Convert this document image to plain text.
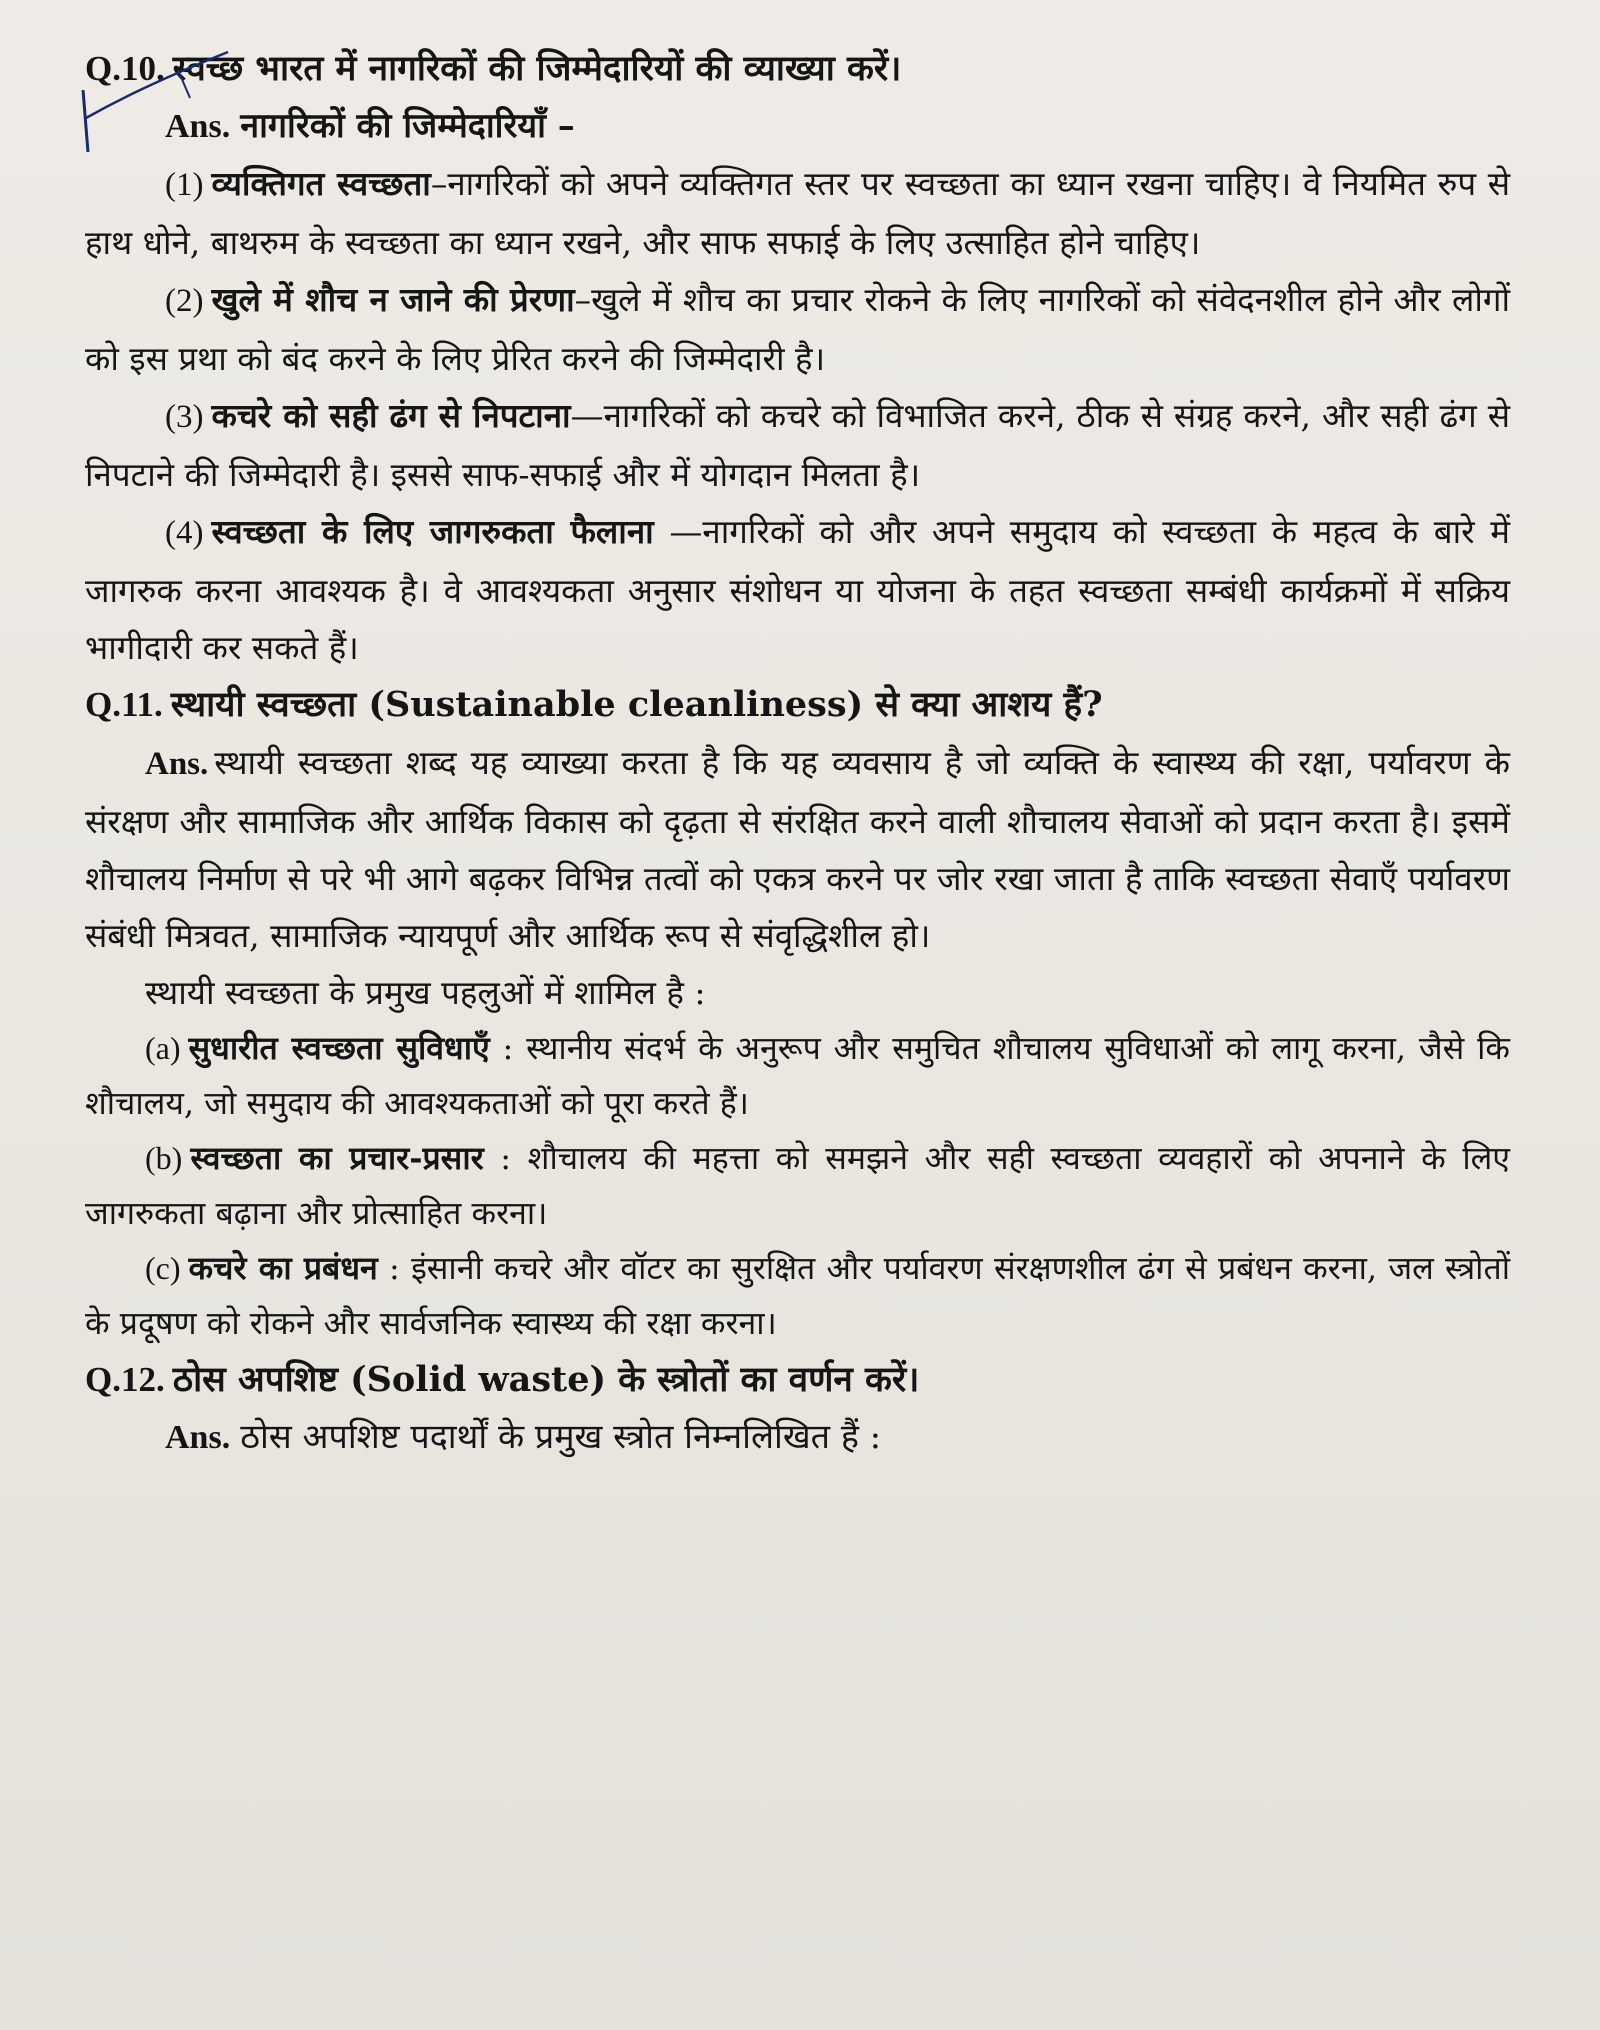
Q.10. स्वच्छ भारत में नागरिकों की जिम्मेदारियों की व्याख्या करें।

Ans. नागरिकों की जिम्मेदारियाँ –

(1) व्यक्तिगत स्वच्छता–नागरिकों को अपने व्यक्तिगत स्तर पर स्वच्छता का ध्यान रखना चाहिए। वे नियमित रुप से हाथ धोने, बाथरुम के स्वच्छता का ध्यान रखने, और साफ सफाई के लिए उत्साहित होने चाहिए।

(2) खुले में शौच न जाने की प्रेरणा–खुले में शौच का प्रचार रोकने के लिए नागरिकों को संवेदनशील होने और लोगों को इस प्रथा को बंद करने के लिए प्रेरित करने की जिम्मेदारी है।

(3) कचरे को सही ढंग से निपटाना—नागरिकों को कचरे को विभाजित करने, ठीक से संग्रह करने, और सही ढंग से निपटाने की जिम्मेदारी है। इससे साफ-सफाई और में योगदान मिलता है।

(4) स्वच्छता के लिए जागरुकता फैलाना —नागरिकों को और अपने समुदाय को स्वच्छता के महत्व के बारे में जागरुक करना आवश्यक है। वे आवश्यकता अनुसार संशोधन या योजना के तहत स्वच्छता सम्बंधी कार्यक्रमों में सक्रिय भागीदारी कर सकते हैं।

Q.11. स्थायी स्वच्छता (Sustainable cleanliness) से क्या आशय हैं?

Ans. स्थायी स्वच्छता शब्द यह व्याख्या करता है कि यह व्यवसाय है जो व्यक्ति के स्वास्थ्य की रक्षा, पर्यावरण के संरक्षण और सामाजिक और आर्थिक विकास को दृढ़ता से संरक्षित करने वाली शौचालय सेवाओं को प्रदान करता है। इसमें शौचालय निर्माण से परे भी आगे बढ़कर विभिन्न तत्वों को एकत्र करने पर जोर रखा जाता है ताकि स्वच्छता सेवाएँ पर्यावरण संबंधी मित्रवत, सामाजिक न्यायपूर्ण और आर्थिक रूप से संवृद्धिशील हो।

स्थायी स्वच्छता के प्रमुख पहलुओं में शामिल है :

(a) सुधारीत स्वच्छता सुविधाएँ : स्थानीय संदर्भ के अनुरूप और समुचित शौचालय सुविधाओं को लागू करना, जैसे कि शौचालय, जो समुदाय की आवश्यकताओं को पूरा करते हैं।

(b) स्वच्छता का प्रचार-प्रसार : शौचालय की महत्ता को समझने और सही स्वच्छता व्यवहारों को अपनाने के लिए जागरुकता बढ़ाना और प्रोत्साहित करना।

(c) कचरे का प्रबंधन : इंसानी कचरे और वॉटर का सुरक्षित और पर्यावरण संरक्षणशील ढंग से प्रबंधन करना, जल स्त्रोतों के प्रदूषण को रोकने और सार्वजनिक स्वास्थ्य की रक्षा करना।

Q.12. ठोस अपशिष्ट (Solid waste) के स्त्रोतों का वर्णन करें।

Ans. ठोस अपशिष्ट पदार्थों के प्रमुख स्त्रोत निम्नलिखित हैं :
